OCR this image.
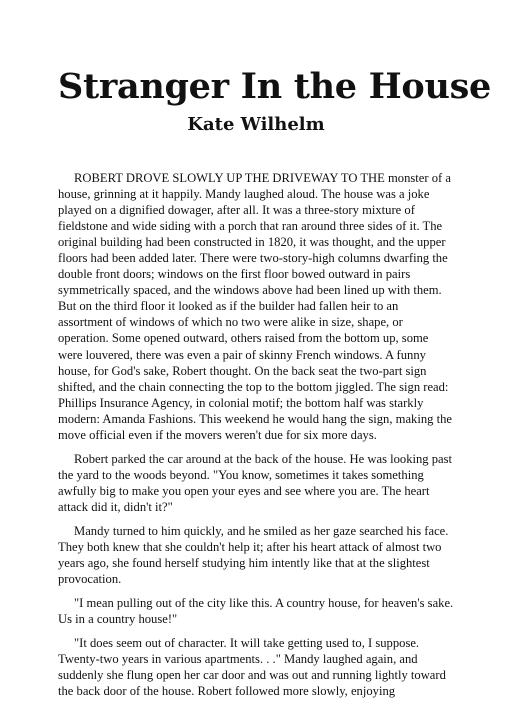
Stranger In the House
Kate Wilhelm

ROBERT DROVE SLOWLY UP THE DRIVEWAY TO THE monster of a house, grinning at it happily. Mandy laughed aloud. The house was a joke played on a dignified dowager, after all. It was a three-story mixture of fieldstone and wide siding with a porch that ran around three sides of it. The original building had been constructed in 1820, it was thought, and the upper floors had been added later. There were two-story-high columns dwarfing the double front doors; windows on the first floor bowed outward in pairs symmetrically spaced, and the windows above had been lined up with them. But on the third floor it looked as if the builder had fallen heir to an assortment of windows of which no two were alike in size, shape, or operation. Some opened outward, others raised from the bottom up, some were louvered, there was even a pair of skinny French windows. A funny house, for God's sake, Robert thought. On the back seat the two-part sign shifted, and the chain connecting the top to the bottom jiggled. The sign read: Phillips Insurance Agency, in colonial motif; the bottom half was starkly modern: Amanda Fashions. This weekend he would hang the sign, making the move official even if the movers weren't due for six more days.

Robert parked the car around at the back of the house. He was looking past the yard to the woods beyond. "You know, sometimes it takes something awfully big to make you open your eyes and see where you are. The heart attack did it, didn't it?"

Mandy turned to him quickly, and he smiled as her gaze searched his face. They both knew that she couldn't help it; after his heart attack of almost two years ago, she found herself studying him intently like that at the slightest provocation.

"I mean pulling out of the city like this. A country house, for heaven's sake. Us in a country house!"

"It does seem out of character. It will take getting used to, I suppose. Twenty-two years in various apartments. . ." Mandy laughed again, and suddenly she flung open her car door and was out and running lightly toward the back door of the house. Robert followed more slowly, enjoying
